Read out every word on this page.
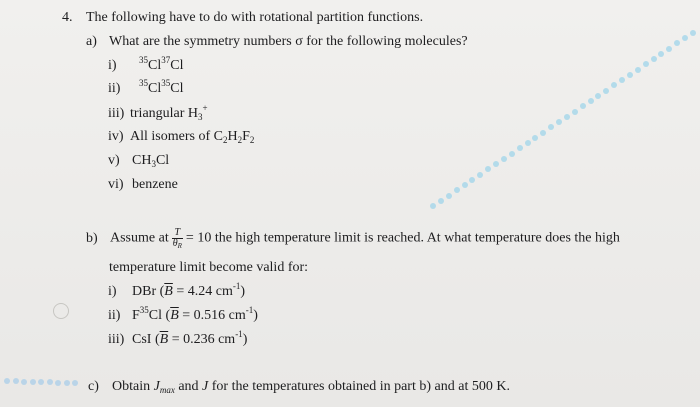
4. The following have to do with rotational partition functions.
a) What are the symmetry numbers σ for the following molecules?
i) $^{35}$Cl$^{37}$Cl
ii) $^{35}$Cl$^{35}$Cl
iii) triangular $H_3^+$
iv) All isomers of $C_2H_2F_2$
v) $CH_3Cl$
vi) benzene
b) Assume at $\frac{T}{\theta_R} = 10$ the high temperature limit is reached. At what temperature does the high
temperature limit become valid for:
i) DBr ($\overline{B} = 4.24$ $cm^{-1}$)
ii) $F^{35}Cl$ ($\overline{B} = 0.516$ $cm^{-1}$)
iii) CsI ($\overline{B} = 0.236$ $cm^{-1}$)
c) Obtain $J_{max}$ and J for the temperatures obtained in part b) and at 500 K.
